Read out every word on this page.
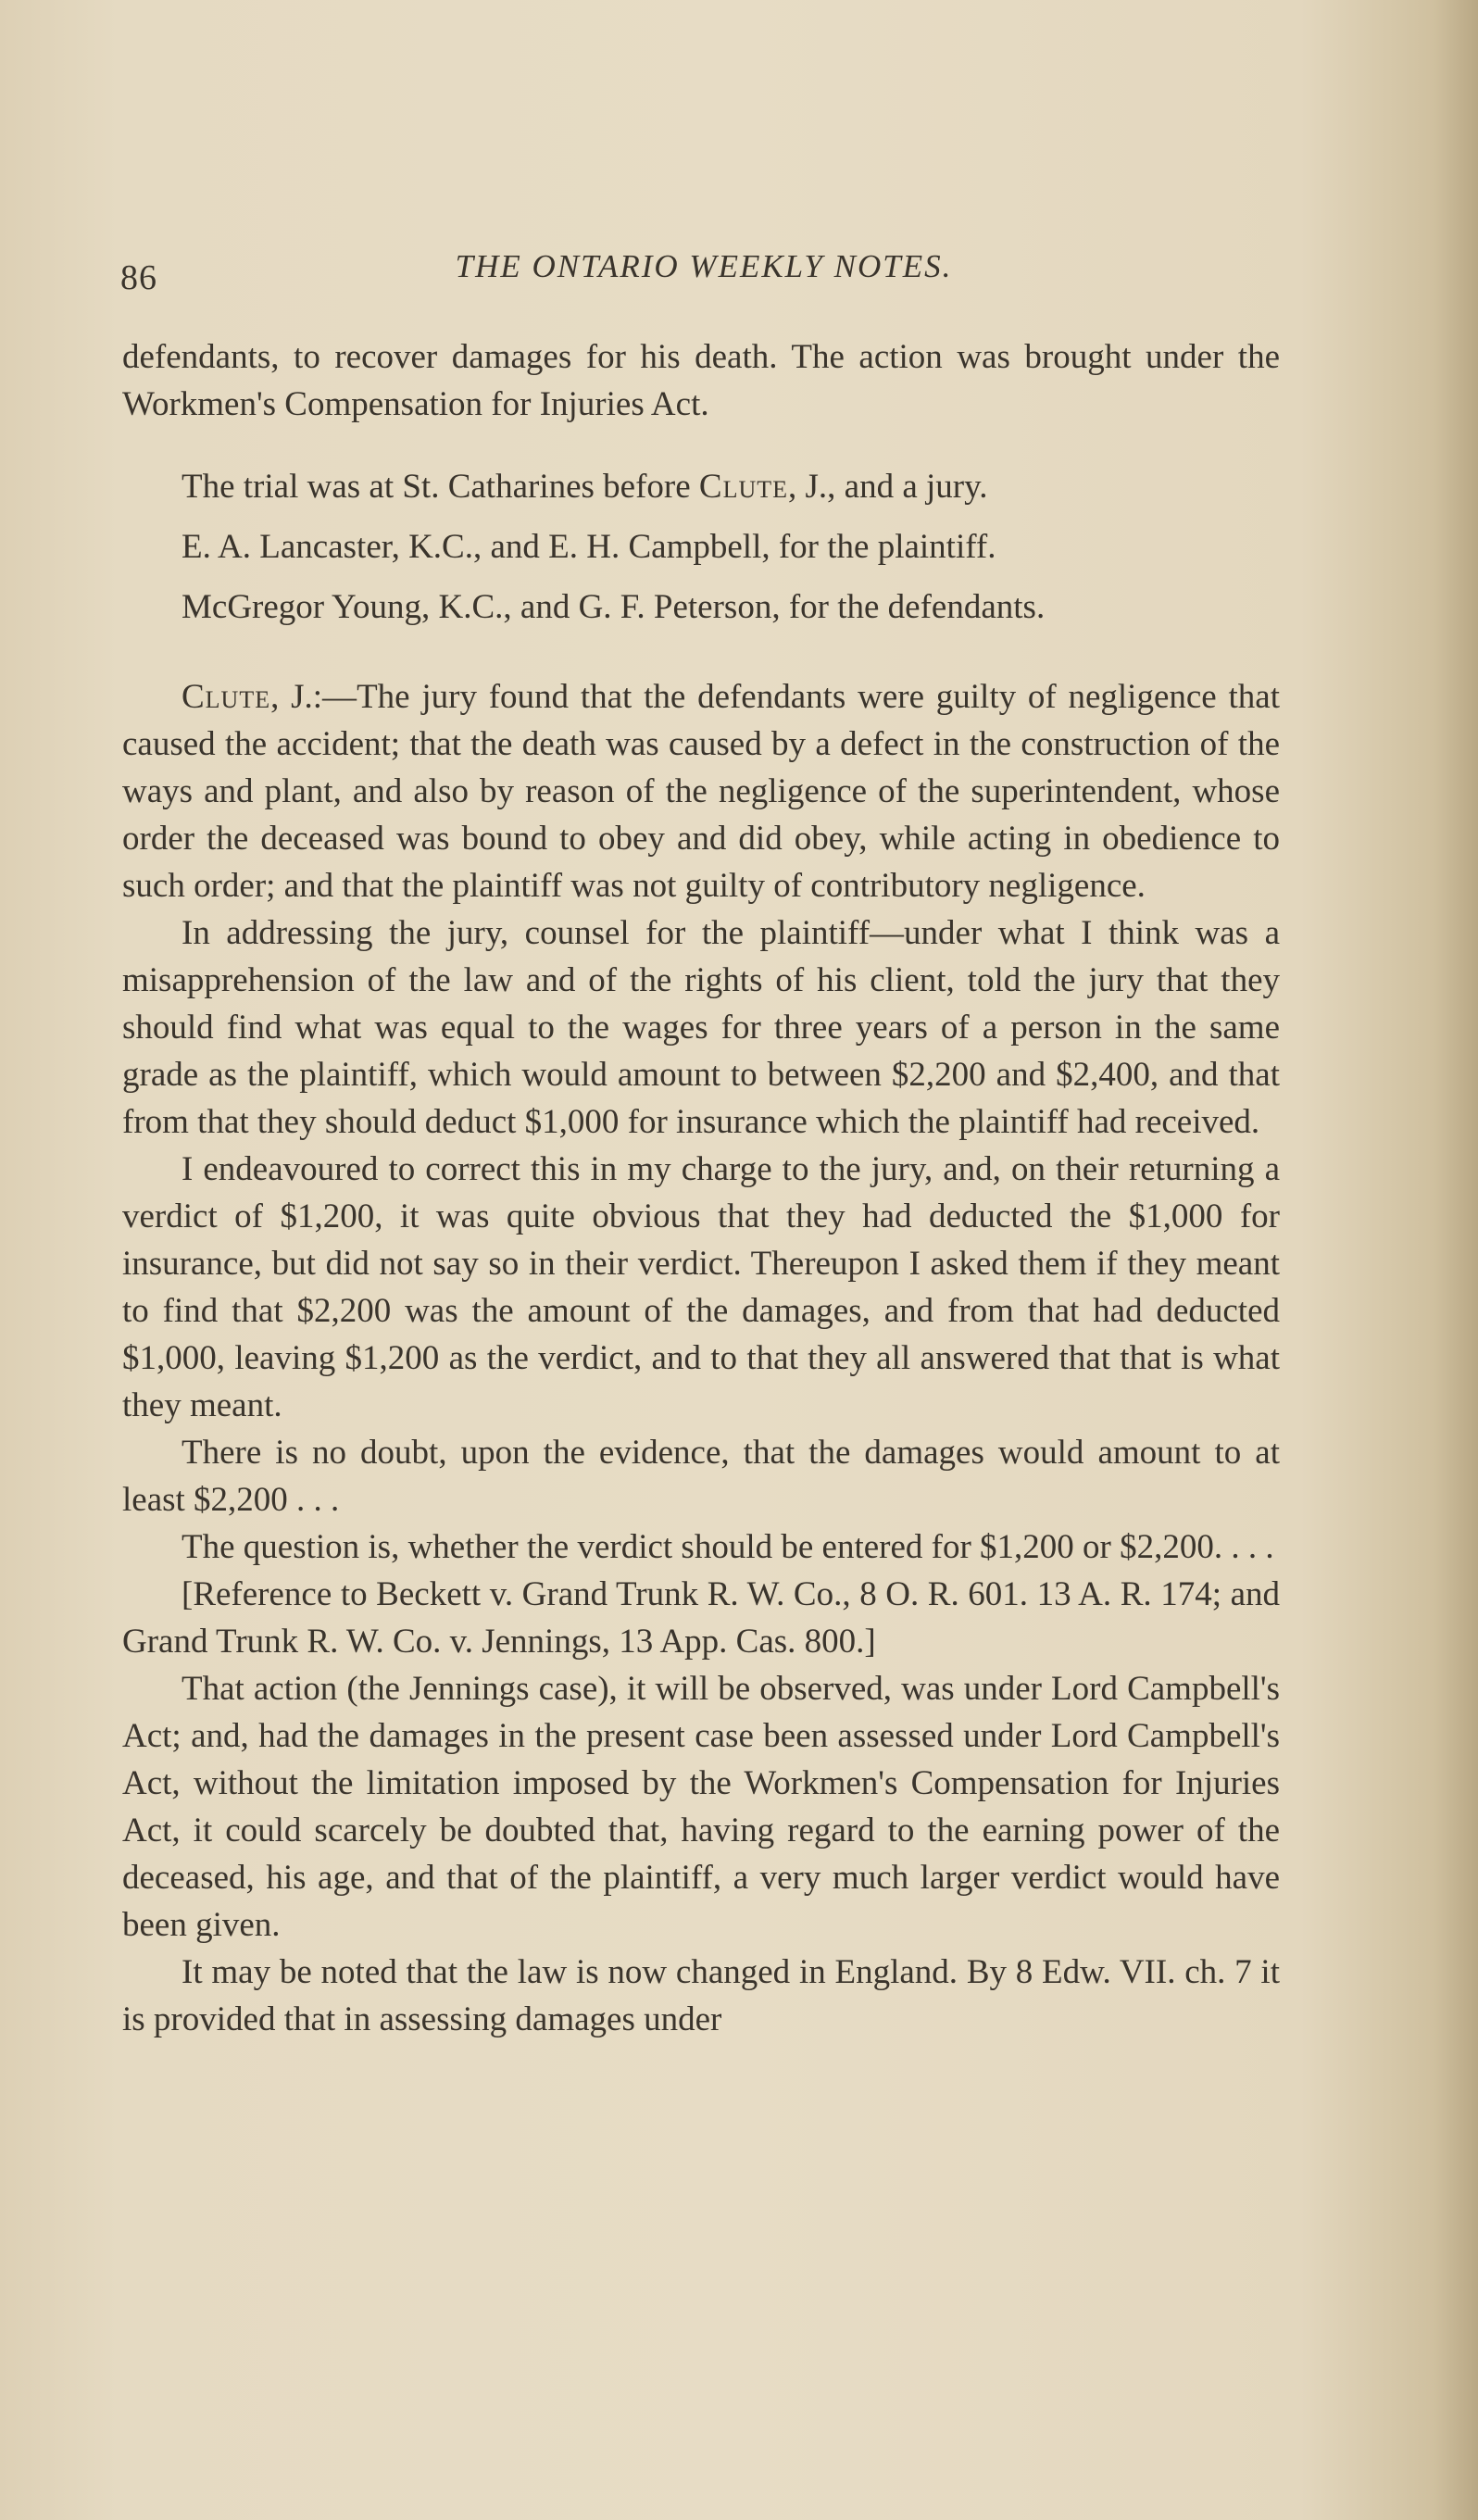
86	THE ONTARIO WEEKLY NOTES.

defendants, to recover damages for his death. The action was brought under the Workmen's Compensation for Injuries Act.

The trial was at St. Catharines before Clute, J., and a jury.

E. A. Lancaster, K.C., and E. H. Campbell, for the plaintiff.

McGregor Young, K.C., and G. F. Peterson, for the defendants.

Clute, J.:—The jury found that the defendants were guilty of negligence that caused the accident; that the death was caused by a defect in the construction of the ways and plant, and also by reason of the negligence of the superintendent, whose order the deceased was bound to obey and did obey, while acting in obedience to such order; and that the plaintiff was not guilty of contributory negligence.

In addressing the jury, counsel for the plaintiff—under what I think was a misapprehension of the law and of the rights of his client, told the jury that they should find what was equal to the wages for three years of a person in the same grade as the plaintiff, which would amount to between $2,200 and $2,400, and that from that they should deduct $1,000 for insurance which the plaintiff had received.

I endeavoured to correct this in my charge to the jury, and, on their returning a verdict of $1,200, it was quite obvious that they had deducted the $1,000 for insurance, but did not say so in their verdict. Thereupon I asked them if they meant to find that $2,200 was the amount of the damages, and from that had deducted $1,000, leaving $1,200 as the verdict, and to that they all answered that that is what they meant.

There is no doubt, upon the evidence, that the damages would amount to at least $2,200 . . .

The question is, whether the verdict should be entered for $1,200 or $2,200. . . .

[Reference to Beckett v. Grand Trunk R. W. Co., 8 O. R. 601. 13 A. R. 174; and Grand Trunk R. W. Co. v. Jennings, 13 App. Cas. 800.]

That action (the Jennings case), it will be observed, was under Lord Campbell's Act; and, had the damages in the present case been assessed under Lord Campbell's Act, without the limitation imposed by the Workmen's Compensation for Injuries Act, it could scarcely be doubted that, having regard to the earning power of the deceased, his age, and that of the plaintiff, a very much larger verdict would have been given.

It may be noted that the law is now changed in England. By 8 Edw. VII. ch. 7 it is provided that in assessing damages under
